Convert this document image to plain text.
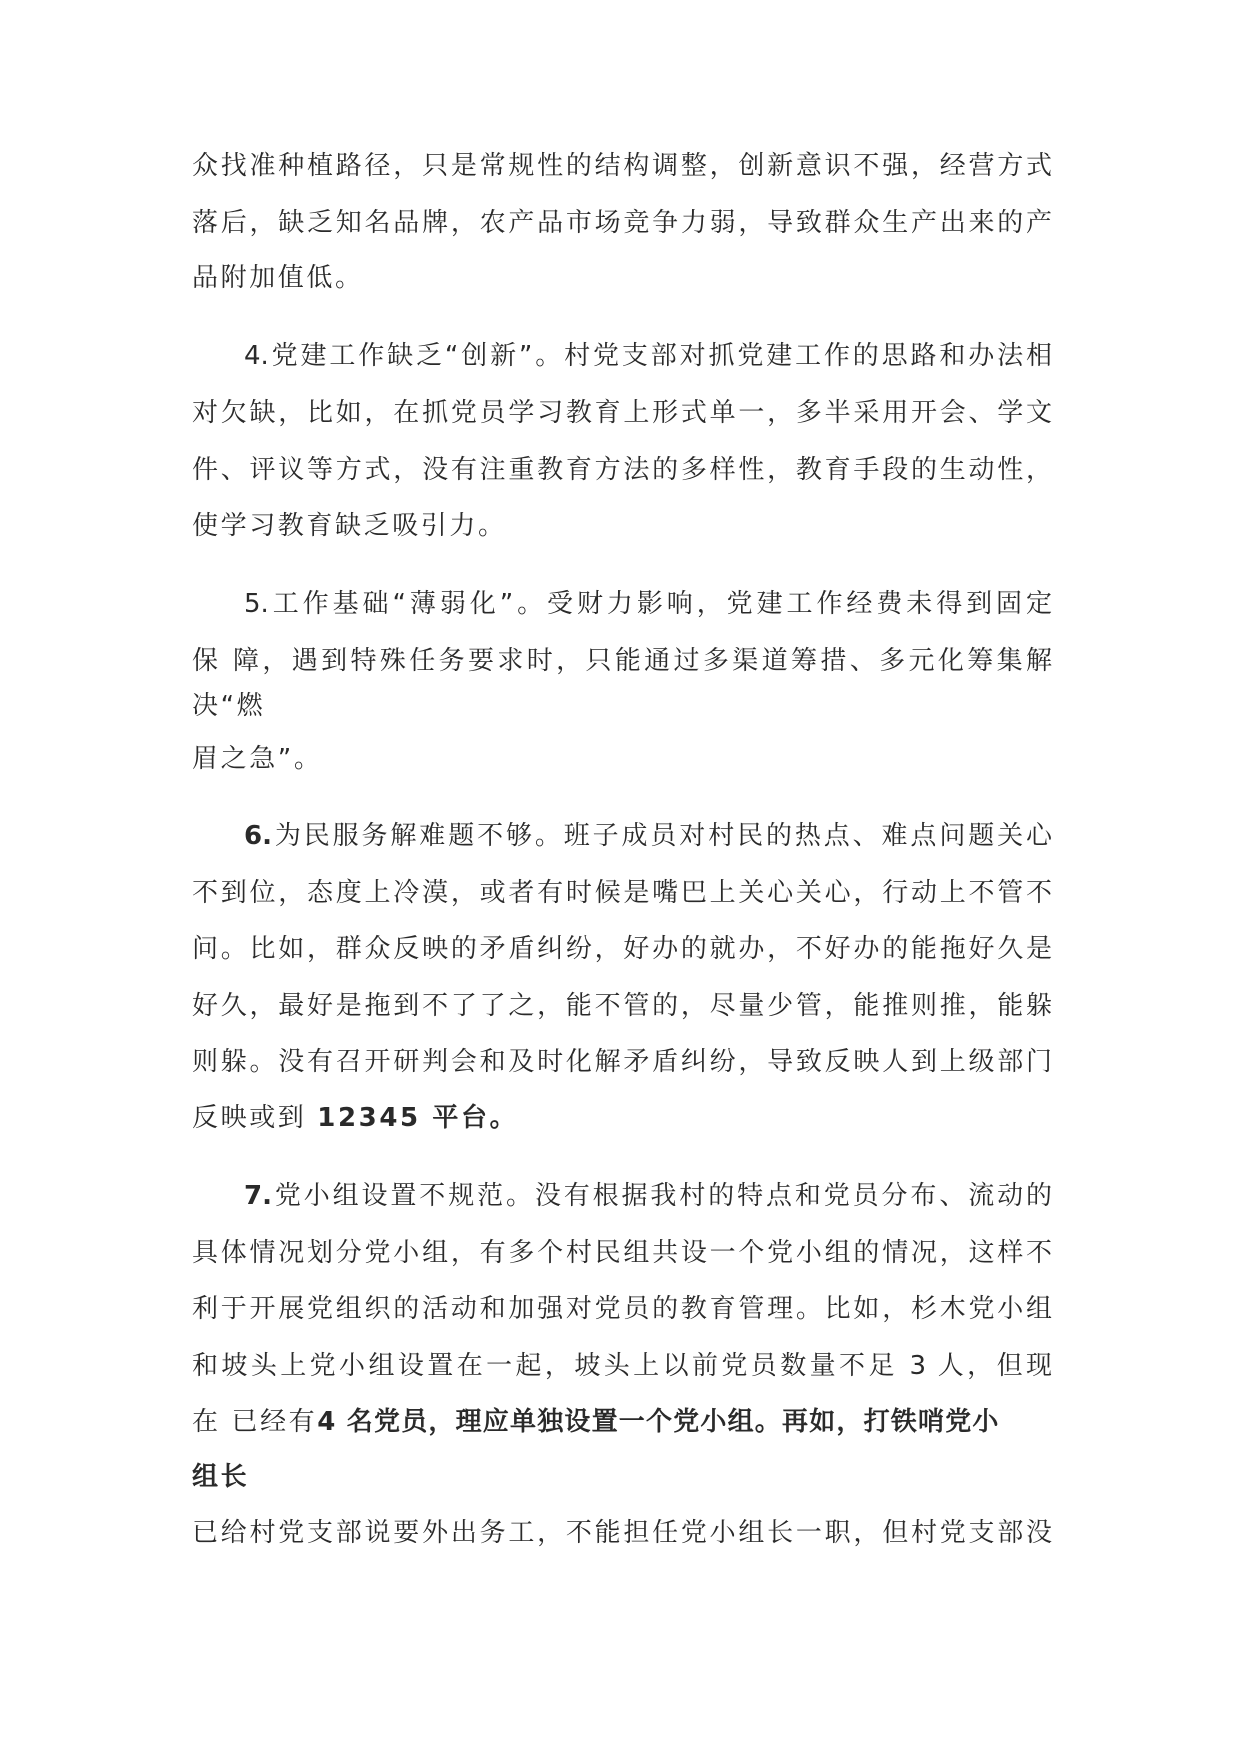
众找准种植路径，只是常规性的结构调整，创新意识不强，经营方式
落后，缺乏知名品牌，农产品市场竞争力弱，导致群众生产出来的产
品附加值低。
4.党建工作缺乏“创新”。村党支部对抓党建工作的思路和办法相
对欠缺，比如，在抓党员学习教育上形式单一，多半采用开会、学文
件、评议等方式，没有注重教育方法的多样性，教育手段的生动性，
使学习教育缺乏吸引力。
5.工作基础“薄弱化”。受财力影响，党建工作经费未得到固定
保 障，遇到特殊任务要求时，只能通过多渠道筹措、多元化筹集解
决“燃
眉之急”。
6.为民服务解难题不够。班子成员对村民的热点、难点问题关心
不到位，态度上冷漠，或者有时候是嘴巴上关心关心，行动上不管不
问。比如，群众反映的矛盾纠纷，好办的就办，不好办的能拖好久是
好久，最好是拖到不了了之，能不管的，尽量少管，能推则推，能躲
则躲。没有召开研判会和及时化解矛盾纠纷，导致反映人到上级部门
反映或到 12345 平台。
7.党小组设置不规范。没有根据我村的特点和党员分布、流动的
具体情况划分党小组，有多个村民组共设一个党小组的情况，这样不
利于开展党组织的活动和加强对党员的教育管理。比如，杉木党小组
和坡头上党小组设置在一起，坡头上以前党员数量不足 3 人，但现
在 已经有4 名党员，理应单独设置一个党小组。再如，打铁哨党小
组长
已给村党支部说要外出务工，不能担任党小组长一职，但村党支部没
